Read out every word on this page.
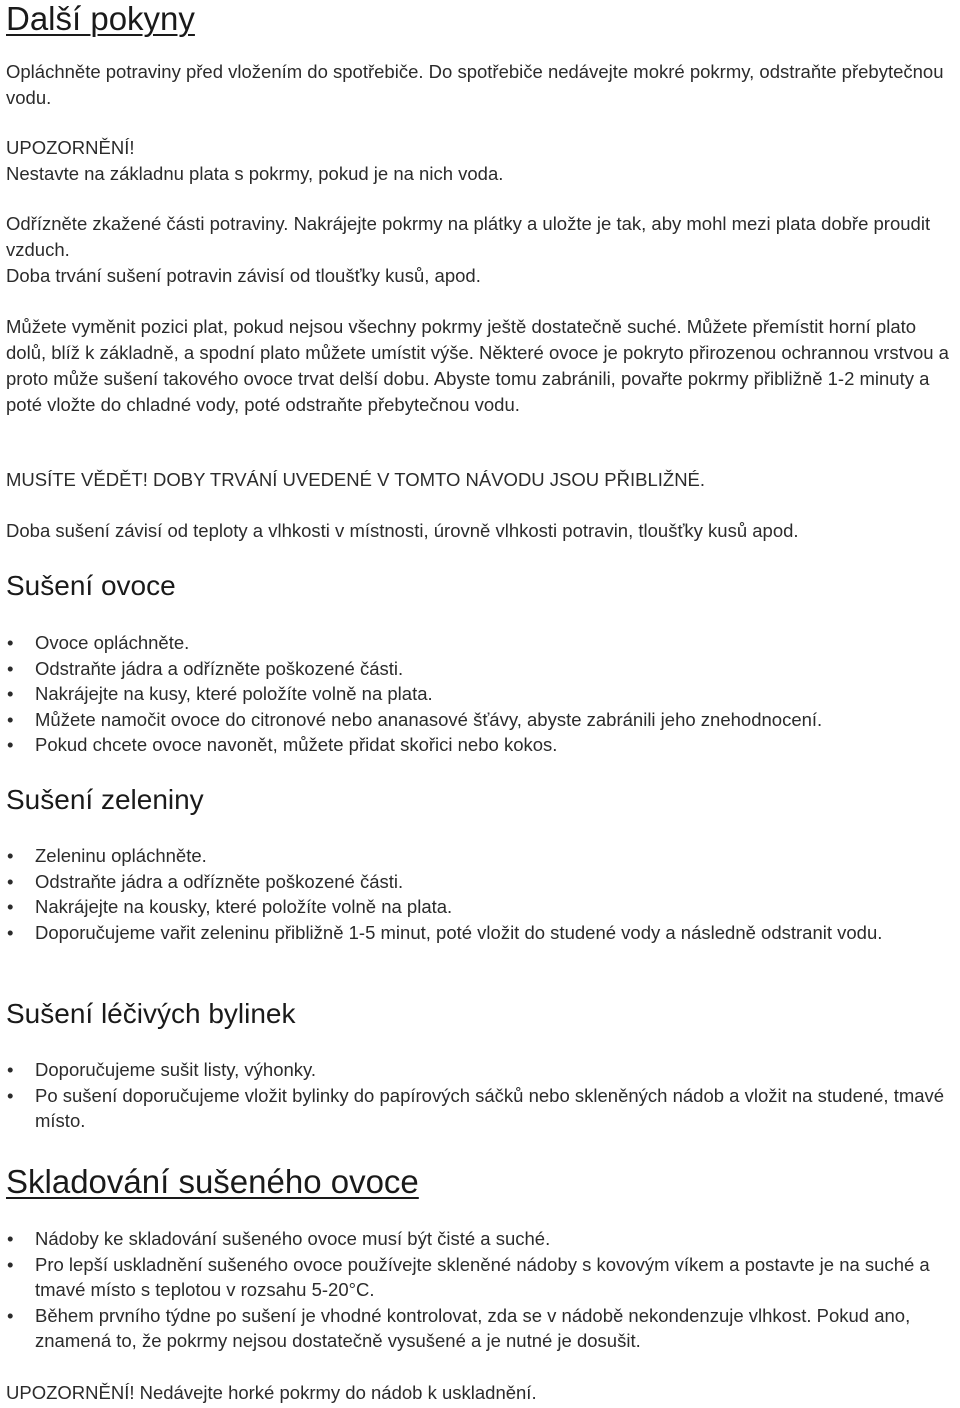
Další pokyny

Opláchněte potraviny před vložením do spotřebiče. Do spotřebiče nedávejte mokré pokrmy, odstraňte přebytečnou vodu.

UPOZORNĚNÍ!
Nestavte na základnu plata s pokrmy, pokud je na nich voda.

Odřízněte zkažené části potraviny. Nakrájejte pokrmy na plátky a uložte je tak, aby mohl mezi plata dobře proudit vzduch.

Doba trvání sušení potravin závisí od tloušťky kusů, apod.

Můžete vyměnit pozici plat, pokud nejsou všechny pokrmy ještě dostatečně suché. Můžete přemístit horní plato dolů, blíž k základně, a spodní plato můžete umístit výše. Některé ovoce je pokryto přirozenou ochrannou vrstvou a proto může sušení takového ovoce trvat delší dobu. Abyste tomu zabránili, povařte pokrmy přibližně 1-2 minuty a poté vložte do chladné vody, poté odstraňte přebytečnou vodu.

MUSÍTE VĚDĚT! DOBY TRVÁNÍ UVEDENÉ V TOMTO NÁVODU JSOU PŘIBLIŽNÉ.

Doba sušení závisí od teploty a vlhkosti v místnosti, úrovně vlhkosti potravin, tloušťky kusů apod.

Sušení ovoce
• Ovoce opláchněte.
• Odstraňte jádra a odřízněte poškozené části.
• Nakrájejte na kusy, které položíte volně na plata.
• Můžete namočit ovoce do citronové nebo ananasové šťávy, abyste zabránili jeho znehodnocení.
• Pokud chcete ovoce navonět, můžete přidat skořici nebo kokos.
Sušení zeleniny
• Zeleninu opláchněte.
• Odstraňte jádra a odřízněte poškozené části.
• Nakrájejte na kousky, které položíte volně na plata.
• Doporučujeme vařit zeleninu přibližně 1-5 minut, poté vložit do studené vody a následně odstranit vodu.
Sušení léčivých bylinek
• Doporučujeme sušit listy, výhonky.
• Po sušení doporučujeme vložit bylinky do papírových sáčků nebo skleněných nádob a vložit na studené, tmavé místo.
Skladování sušeného ovoce
• Nádoby ke skladování sušeného ovoce musí být čisté a suché.
• Pro lepší uskladnění sušeného ovoce používejte skleněné nádoby s kovovým víkem a postavte je na suché a tmavé místo s teplotou v rozsahu 5-20°C.
• Během prvního týdne po sušení je vhodné kontrolovat, zda se v nádobě nekondenzuje vlhkost. Pokud ano, znamená to, že pokrmy nejsou dostatečně vysušené a je nutné je dosušit.

UPOZORNĚNÍ! Nedávejte horké pokrmy do nádob k uskladnění.
